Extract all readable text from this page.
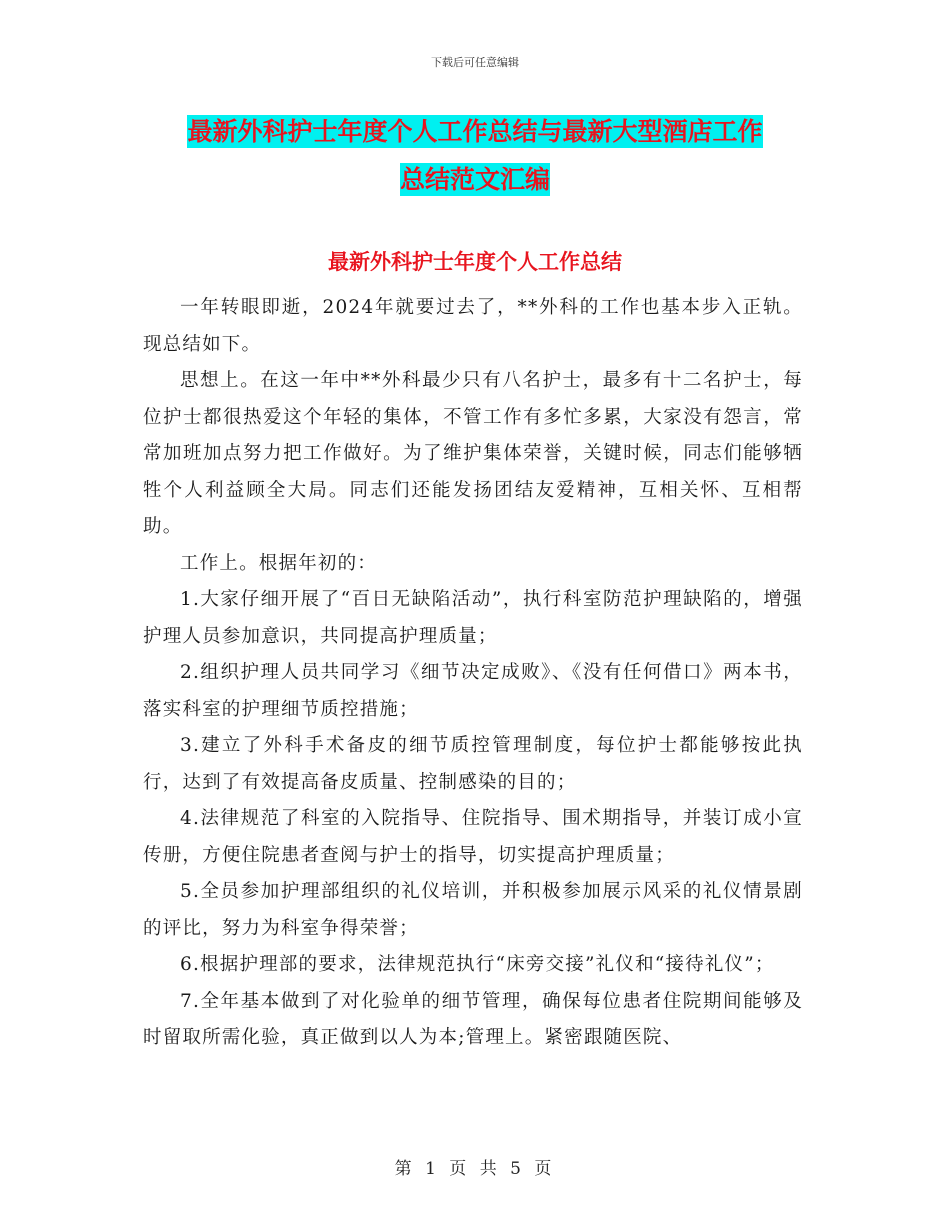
下载后可任意编辑
最新外科护士年度个人工作总结与最新大型酒店工作
总结范文汇编
最新外科护士年度个人工作总结

一年转眼即逝，2024年就要过去了，**外科的工作也基本步入正轨。现总结如下。

思想上。在这一年中**外科最少只有八名护士，最多有十二名护士，每位护士都很热爱这个年轻的集体，不管工作有多忙多累，大家没有怨言，常常加班加点努力把工作做好。为了维护集体荣誉，关键时候，同志们能够牺牲个人利益顾全大局。同志们还能发扬团结友爱精神，互相关怀、互相帮助。

工作上。根据年初的：

1.大家仔细开展了“百日无缺陷活动”，执行科室防范护理缺陷的，增强护理人员参加意识，共同提高护理质量；

2.组织护理人员共同学习《细节决定成败》、《没有任何借口》两本书，落实科室的护理细节质控措施；

3.建立了外科手术备皮的细节质控管理制度，每位护士都能够按此执行，达到了有效提高备皮质量、控制感染的目的；

4.法律规范了科室的入院指导、住院指导、围术期指导，并装订成小宣传册，方便住院患者查阅与护士的指导，切实提高护理质量；

5.全员参加护理部组织的礼仪培训，并积极参加展示风采的礼仪情景剧的评比，努力为科室争得荣誉；

6.根据护理部的要求，法律规范执行“床旁交接”礼仪和“接待礼仪”；

7.全年基本做到了对化验单的细节管理，确保每位患者住院期间能够及时留取所需化验，真正做到以人为本;管理上。紧密跟随医院、

第 1 页 共 5 页
